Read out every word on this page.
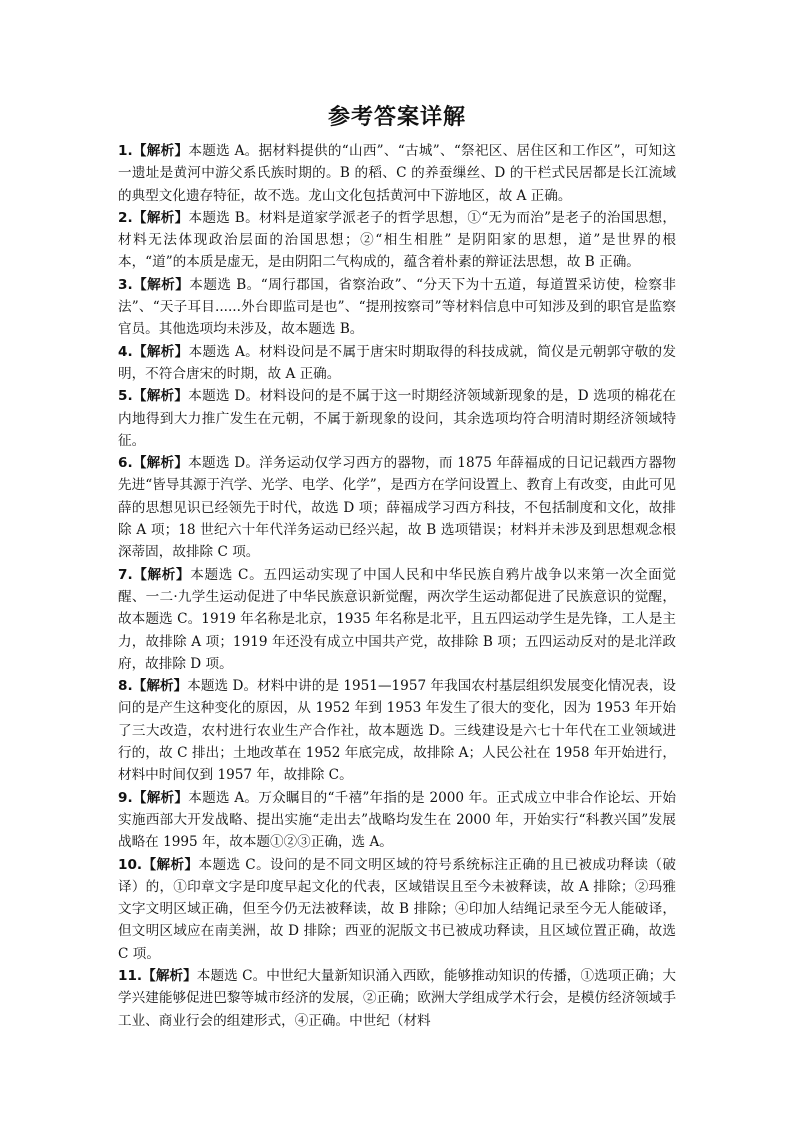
参考答案详解

1.【解析】本题选 A。据材料提供的“山西”、“古城”、“祭祀区、居住区和工作区”，可知这一遗址是黄河中游父系氏族时期的。B 的稻、C 的养蚕缫丝、D 的干栏式民居都是长江流域的典型文化遗存特征，故不选。龙山文化包括黄河中下游地区，故 A 正确。

2.【解析】本题选 B。材料是道家学派老子的哲学思想，①“无为而治”是老子的治国思想，材料无法体现政治层面的治国思想；②“相生相胜” 是阴阳家的思想，道”是世界的根本，“道”的本质是虚无，是由阴阳二气构成的，蕴含着朴素的辩证法思想，故 B 正确。

3.【解析】本题选 B。“周行郡国，省察治政”、“分天下为十五道，每道置采访使，检察非法”、“天子耳目......外台即监司是也”、“提刑按察司”等材料信息中可知涉及到的职官是监察官员。其他选项均未涉及，故本题选 B。

4.【解析】本题选 A。材料设问是不属于唐宋时期取得的科技成就，简仪是元朝郭守敬的发明，不符合唐宋的时期，故 A 正确。

5.【解析】本题选 D。材料设问的是不属于这一时期经济领域新现象的是，D 选项的棉花在内地得到大力推广发生在元朝，不属于新现象的设问，其余选项均符合明清时期经济领域特征。

6.【解析】本题选 D。洋务运动仅学习西方的器物，而 1875 年薛福成的日记记载西方器物先进“皆导其源于汽学、光学、电学、化学”，是西方在学问设置上、教育上有改变，由此可见薛的思想见识已经领先于时代，故选 D 项；薛福成学习西方科技，不包括制度和文化，故排除 A 项；18 世纪六十年代洋务运动已经兴起，故 B 选项错误；材料并未涉及到思想观念根深蒂固，故排除 C 项。

7.【解析】本题选 C。五四运动实现了中国人民和中华民族自鸦片战争以来第一次全面觉醒、一二·九学生运动促进了中华民族意识新觉醒，两次学生运动都促进了民族意识的觉醒，故本题选 C。1919 年名称是北京，1935 年名称是北平，且五四运动学生是先锋，工人是主力，故排除 A 项；1919 年还没有成立中国共产党，故排除 B 项；五四运动反对的是北洋政府，故排除 D 项。

8.【解析】本题选 D。材料中讲的是 1951—1957 年我国农村基层组织发展变化情况表，设问的是产生这种变化的原因，从 1952 年到 1953 年发生了很大的变化，因为 1953 年开始了三大改造，农村进行农业生产合作社，故本题选 D。三线建设是六七十年代在工业领域进行的，故 C 排出；土地改革在 1952 年底完成，故排除 A；人民公社在 1958 年开始进行，材料中时间仅到 1957 年，故排除 C。

9.【解析】本题选 A。万众瞩目的“千禧”年指的是 2000 年。正式成立中非合作论坛、开始实施西部大开发战略、提出实施“走出去”战略均发生在 2000 年，开始实行“科教兴国”发展战略在 1995 年，故本题①②③正确，选 A。

10.【解析】本题选 C。设问的是不同文明区域的符号系统标注正确的且已被成功释读（破译）的，①印章文字是印度早起文化的代表，区域错误且至今未被释读，故 A 排除；②玛雅文字文明区域正确，但至今仍无法被释读，故 B 排除；④印加人结绳记录至今无人能破译，但文明区域应在南美洲，故 D 排除；西亚的泥版文书已被成功释读，且区域位置正确，故选 C 项。

11.【解析】本题选 C。中世纪大量新知识涌入西欧，能够推动知识的传播，①选项正确；大学兴建能够促进巴黎等城市经济的发展，②正确；欧洲大学组成学术行会，是模仿经济领域手工业、商业行会的组建形式，④正确。中世纪（材料
